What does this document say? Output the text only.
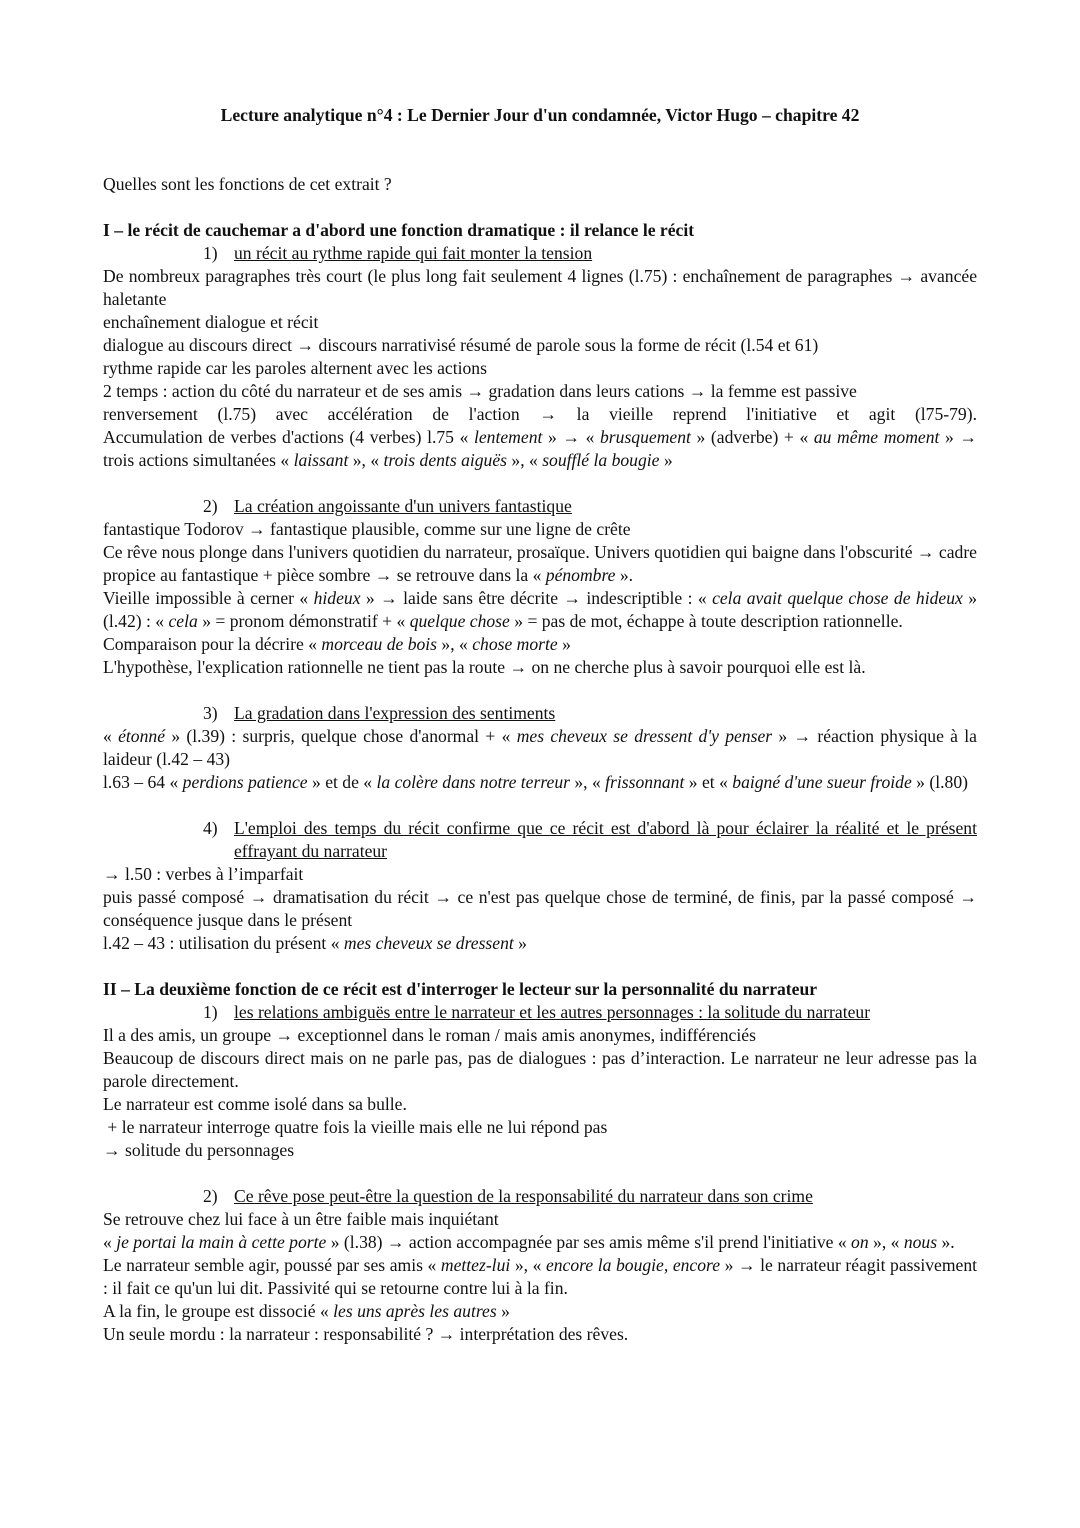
Lecture analytique n°4 : Le Dernier Jour d'un condamnée, Victor Hugo – chapitre 42

Quelles sont les fonctions de cet extrait ?

I – le récit de cauchemar a d'abord une fonction dramatique : il relance le récit

1) un récit au rythme rapide qui fait monter la tension

De nombreux paragraphes très court (le plus long fait seulement 4 lignes (l.75) : enchaînement de paragraphes → avancée haletante

enchaînement dialogue et récit

dialogue au discours direct → discours narrativisé résumé de parole sous la forme de récit (l.54 et 61)

rythme rapide car les paroles alternent avec les actions

2 temps : action du côté du narrateur et de ses amis → gradation dans leurs cations → la femme est passive

renversement (l.75) avec accélération de l'action → la vieille reprend l'initiative et agit (l75-79).

Accumulation de verbes d'actions (4 verbes) l.75 « lentement » → « brusquement » (adverbe) + « au même moment » → trois actions simultanées « laissant », « trois dents aiguës », « soufflé la bougie »

2) La création angoissante d'un univers fantastique

fantastique Todorov → fantastique plausible, comme sur une ligne de crête

Ce rêve nous plonge dans l'univers quotidien du narrateur, prosaïque. Univers quotidien qui baigne dans l'obscurité → cadre propice au fantastique + pièce sombre → se retrouve dans la « pénombre ».

Vieille impossible à cerner « hideux » → laide sans être décrite → indescriptible : « cela avait quelque chose de hideux » (l.42) : « cela » = pronom démonstratif + « quelque chose » = pas de mot, échappe à toute description rationnelle.

Comparaison pour la décrire « morceau de bois », « chose morte »

L'hypothèse, l'explication rationnelle ne tient pas la route → on ne cherche plus à savoir pourquoi elle est là.

3) La gradation dans l'expression des sentiments

« étonné » (l.39) : surpris, quelque chose d'anormal + « mes cheveux se dressent d'y penser » → réaction physique à la laideur (l.42 – 43)

l.63 – 64 « perdions patience » et de « la colère dans notre terreur », « frissonnant » et « baigné d'une sueur froide » (l.80)

4) L'emploi des temps du récit confirme que ce récit est d'abord là pour éclairer la réalité et le présent effrayant du narrateur

→ l.50 : verbes à l’imparfait

puis passé composé → dramatisation du récit → ce n'est pas quelque chose de terminé, de finis, par la passé composé → conséquence jusque dans le présent

l.42 – 43 : utilisation du présent « mes cheveux se dressent »

II – La deuxième fonction de ce récit est d'interroger le lecteur sur la personnalité du narrateur

1) les relations ambiguës entre le narrateur et les autres personnages : la solitude du narrateur

Il a des amis, un groupe → exceptionnel dans le roman / mais amis anonymes, indifférenciés

Beaucoup de discours direct mais on ne parle pas, pas de dialogues : pas d’interaction. Le narrateur ne leur adresse pas la parole directement.

Le narrateur est comme isolé dans sa bulle.

+ le narrateur interroge quatre fois la vieille mais elle ne lui répond pas

→ solitude du personnages

2) Ce rêve pose peut-être la question de la responsabilité du narrateur dans son crime

Se retrouve chez lui face à un être faible mais inquiétant

« je portai la main à cette porte » (l.38) → action accompagnée par ses amis même s'il prend l'initiative « on », « nous ».

Le narrateur semble agir, poussé par ses amis « mettez-lui », « encore la bougie, encore » → le narrateur réagit passivement : il fait ce qu'un lui dit. Passivité qui se retourne contre lui à la fin.

A la fin, le groupe est dissocié « les uns après les autres »

Un seule mordu : la narrateur : responsabilité ? → interprétation des rêves.
